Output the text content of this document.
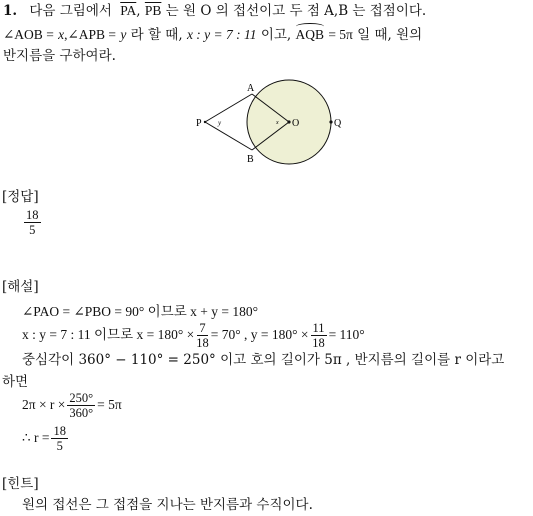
1. 다음 그림에서 $\overline{PA}$, $\overline{PB}$ 는 원 O 의 접선이고 두 점 A,B 는 접점이다.
∠AOB = x,∠APB = y 라 할 때, x : y = 7 : 11 이고, AQB = 5π 일 때, 원의
반지름을 구하여라.
P
A
B
O	Q
y	x
[정답]
$\frac{18}{5}$
[해설]
∠PAO = ∠PBO = 90° 이므로 x + y = 180°
x : y = 7 : 11 이므로 $x = 180^\circ \times \frac{7}{18} = 70^\circ$ , $y = 180^\circ \times \frac{11}{18} = 110^\circ$
중심각이 360° − 110° = 250° 이고 호의 길이가 5π , 반지름의 길이를 r 이라고
하면
$2\pi \times r \times \frac{250^\circ}{360^\circ} = 5\pi$
∴ $r = \frac{18}{5}$
[힌트]
원의 접선은 그 접점을 지나는 반지름과 수직이다.
